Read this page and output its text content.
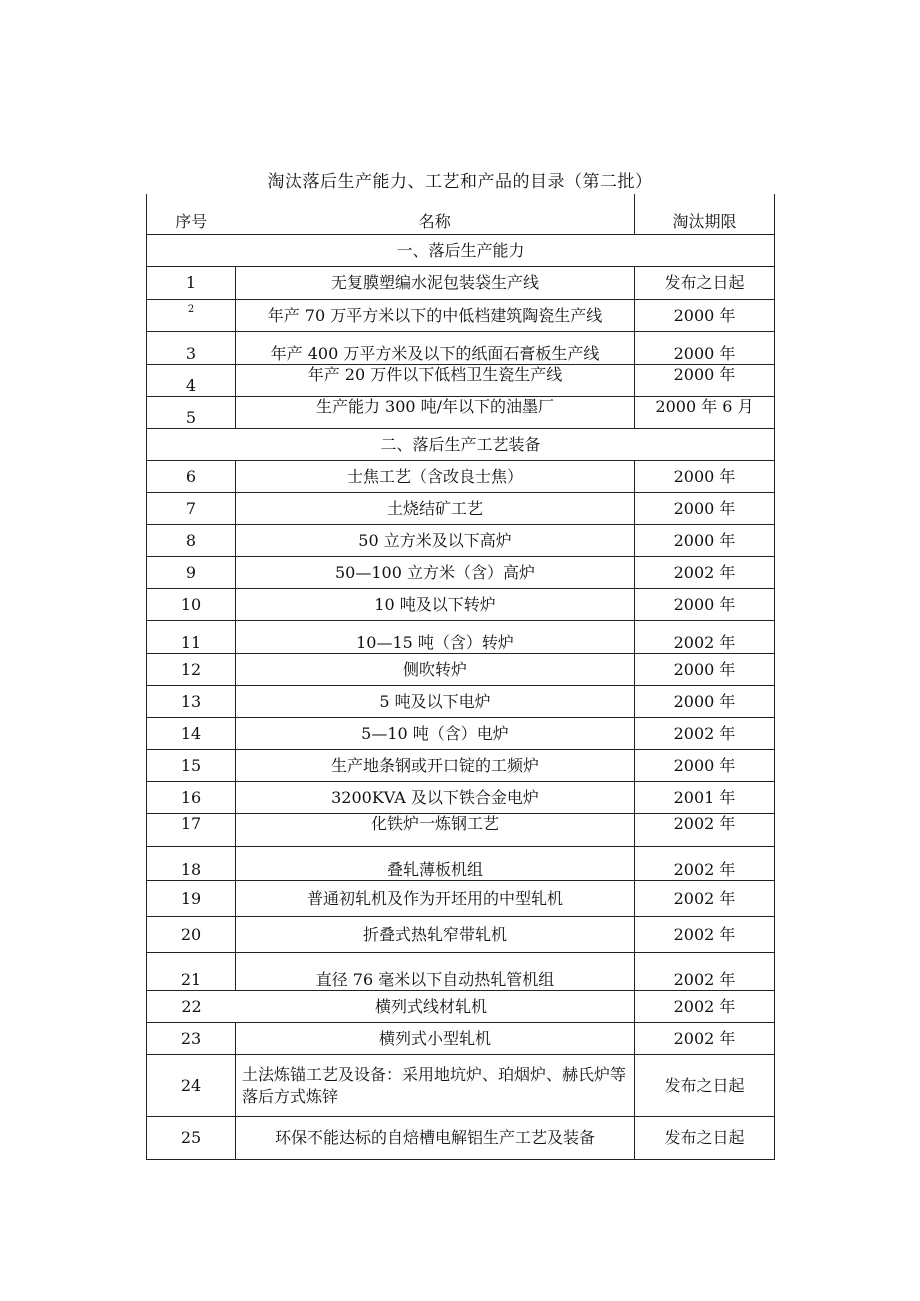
淘汰落后生产能力、工艺和产品的目录（第二批）
序号	名称	淘汰期限
一、落后生产能力		
1	无复膜塑编水泥包装袋生产线	发布之日起
$^2$	年产 70 万平方米以下的中低档建筑陶瓷生产线	2000 年
3	年产 400 万平方米及以下的纸面石膏板生产线	2000 年
4	年产 20 万件以下低档卫生瓷生产线	2000 年
5	生产能力 300 吨/年以下的油墨厂	2000 年 6 月
二、落后生产工艺装备		
6	士焦工艺（含改良士焦）	2000 年
7	土烧结矿工艺	2000 年
8	50 立方米及以下高炉	2000 年
9	50—100 立方米（含）高炉	2002 年
10	10 吨及以下转炉	2000 年
11	10—15 吨（含）转炉	2002 年
12	侧吹转炉	2000 年
13	5 吨及以下电炉	2000 年
14	5—10 吨（含）电炉	2002 年
15	生产地条钢或开口锭的工频炉	2000 年
16	3200KVA 及以下铁合金电炉	2001 年
17	化铁炉一炼钢工艺	2002 年
18	叠轧薄板机组	2002 年
19	普通初轧机及作为开坯用的中型轧机	2002 年
20	折叠式热轧窄带轧机	2002 年
21	直径 76 毫米以下自动热轧管机组	2002 年

22 横列式线材轧机		2002 年
23	横列式小型轧机	2002 年
24	土法炼锚工艺及设备：采用地坑炉、珀烟炉、赫氏炉等落后方式炼锌	发布之日起
25	环保不能达标的自焙槽电解铝生产工艺及装备	发布之日起
